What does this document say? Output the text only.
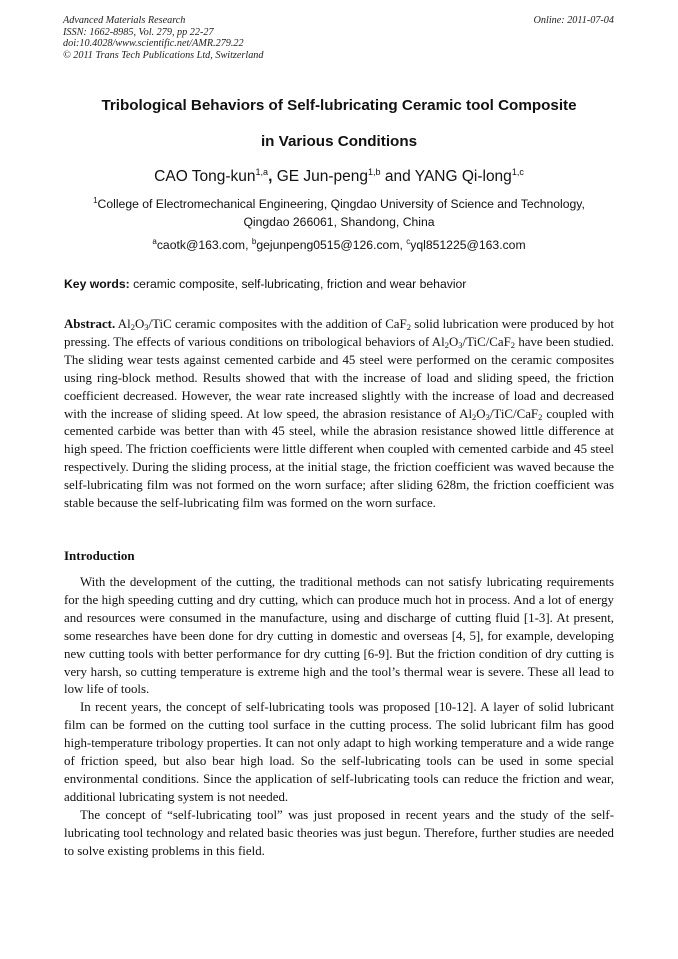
Advanced Materials Research
ISSN: 1662-8985, Vol. 279, pp 22-27
doi:10.4028/www.scientific.net/AMR.279.22
© 2011 Trans Tech Publications Ltd, Switzerland
Online: 2011-07-04
Tribological Behaviors of Self-lubricating Ceramic tool Composite
in Various Conditions
CAO Tong-kun$^{1,a}$, GE Jun-peng$^{1,b}$ and YANG Qi-long$^{1,c}$
$^1$College of Electromechanical Engineering, Qingdao University of Science and Technology,
Qingdao 266061, Shandong, China
$^a$caotk@163.com, $^b$gejunpeng0515@126.com, $^c$yql851225@163.com
Key words: ceramic composite, self-lubricating, friction and wear behavior
Abstract. $Al_2O_3$/TiC ceramic composites with the addition of CaF$_2$ solid lubrication were produced by hot pressing. The effects of various conditions on tribological behaviors of $Al_2O_3/TiC/CaF_2$ have been studied. The sliding wear tests against cemented carbide and 45 steel were performed on the ceramic composites using ring-block method. Results showed that with the increase of load and sliding speed, the friction coefficient decreased. However, the wear rate increased slightly with the increase of load and decreased with the increase of sliding speed. At low speed, the abrasion resistance of $Al_2O_3/TiC/CaF_2$ coupled with cemented carbide was better than with 45 steel, while the abrasion resistance showed little difference at high speed. The friction coefficients were little different when coupled with cemented carbide and 45 steel respectively. During the sliding process, at the initial stage, the friction coefficient was waved because the self-lubricating film was not formed on the worn surface; after sliding 628m, the friction coefficient was stable because the self-lubricating film was formed on the worn surface.
Introduction

With the development of the cutting, the traditional methods can not satisfy lubricating requirements for the high speeding cutting and dry cutting, which can produce much hot in process. And a lot of energy and resources were consumed in the manufacture, using and discharge of cutting fluid [1-3]. At present, some researches have been done for dry cutting in domestic and overseas [4, 5], for example, developing new cutting tools with better performance for dry cutting [6-9]. But the friction condition of dry cutting is very harsh, so cutting temperature is extreme high and the tool’s thermal wear is severe. These all lead to low life of tools.

In recent years, the concept of self-lubricating tools was proposed [10-12]. A layer of solid lubricant film can be formed on the cutting tool surface in the cutting process. The solid lubricant film has good high-temperature tribology properties. It can not only adapt to high working temperature and a wide range of friction speed, but also bear high load. So the self-lubricating tools can be used in some special environmental conditions. Since the application of self-lubricating tools can reduce the friction and wear, additional lubricating system is not needed.

The concept of “self-lubricating tool” was just proposed in recent years and the study of the self-lubricating tool technology and related basic theories was just begun. Therefore, further studies are needed to solve existing problems in this field.
